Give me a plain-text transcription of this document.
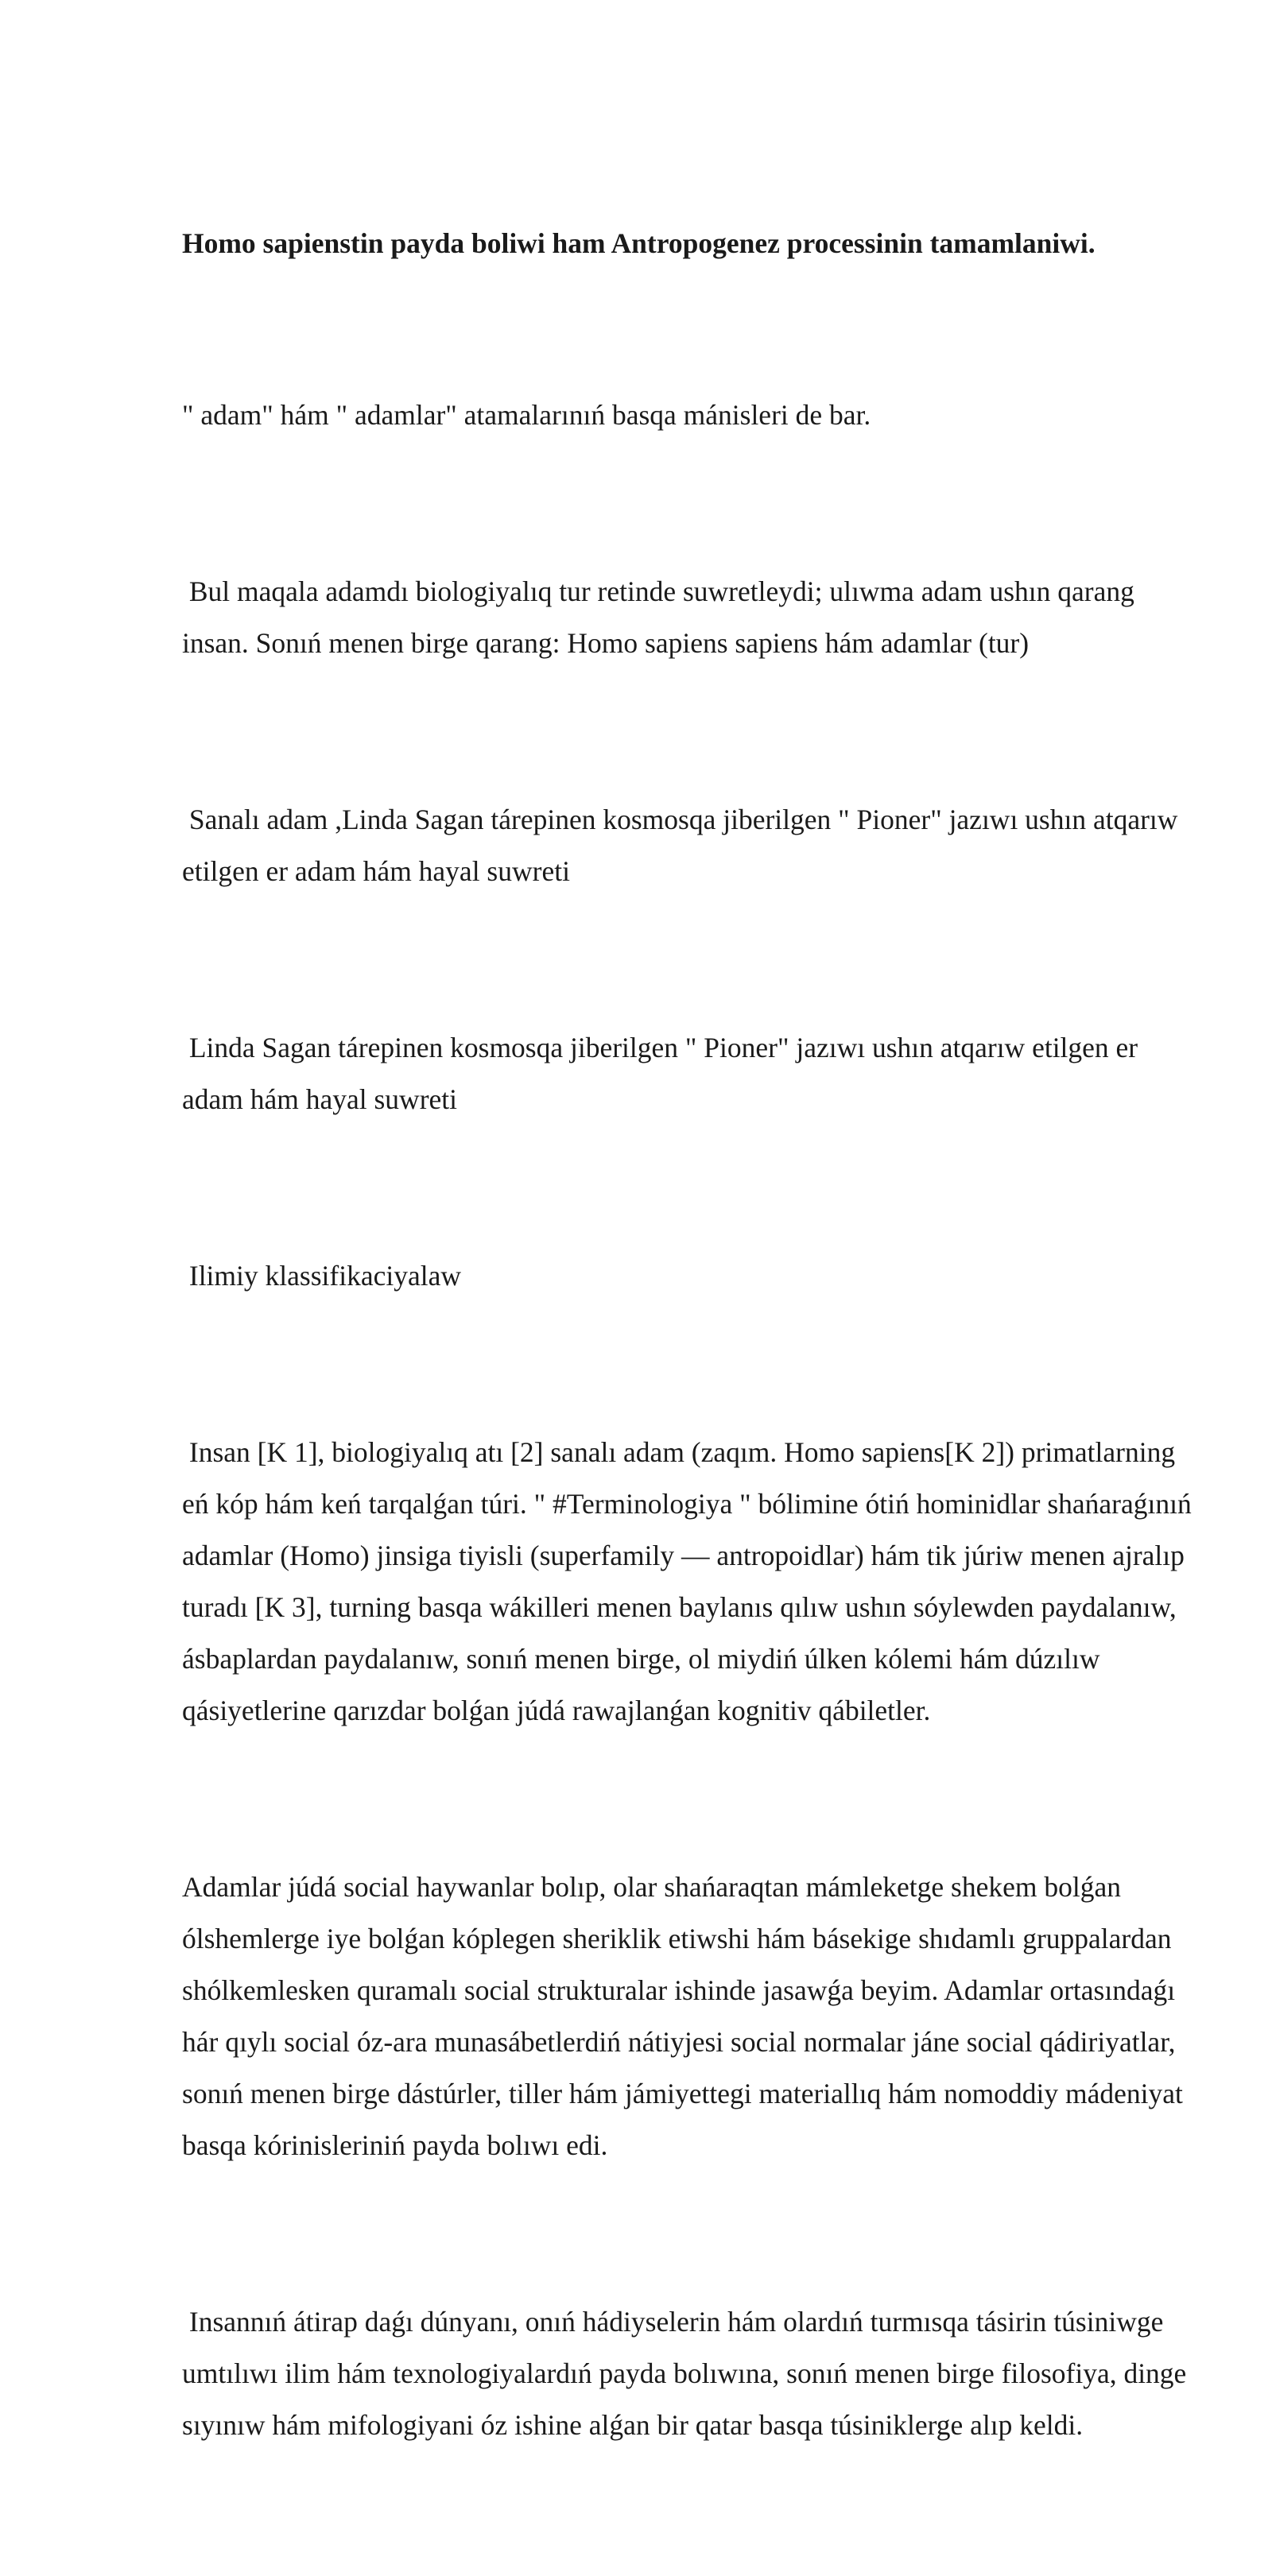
Homo sapienstin payda boliwi ham Antropogenez processinin tamamlaniwi.

" adam" hám " adamlar" atamalarınıń basqa mánisleri de bar.

Bul maqala adamdı biologiyalıq tur retinde suwretleydi; ulıwma adam ushın qarang insan. Sonıń menen birge qarang: Homo sapiens sapiens hám adamlar (tur)

Sanalı adam ,Linda Sagan tárepinen kosmosqa jiberilgen " Pioner" jazıwı ushın atqarıw etilgen er adam hám hayal suwreti

Linda Sagan tárepinen kosmosqa jiberilgen " Pioner" jazıwı ushın atqarıw etilgen er adam hám hayal suwreti

Ilimiy klassifikaciyalaw

Insan [K 1], biologiyalıq atı [2] sanalı adam (zaqım. Homo sapiens[K 2]) primatlarning eń kóp hám keń tarqalǵan túri. " #Terminologiya " bólimine ótiń hominidlar shańaraǵınıń adamlar (Homo) jinsiga tiyisli (superfamily — antropoidlar) hám tik júriw menen ajralıp turadı [K 3], turning basqa wákilleri menen baylanıs qılıw ushın sóylewden paydalanıw, ásbaplardan paydalanıw, sonıń menen birge, ol miydiń úlken kólemi hám dúzılıw qásiyetlerine qarızdar bolǵan júdá rawajlanǵan kognitiv qábiletler.

Adamlar júdá social haywanlar bolıp, olar shańaraqtan mámleketge shekem bolǵan ólshemlerge iye bolǵan kóplegen sheriklik etiwshi hám básekige shıdamlı gruppalardan shólkemlesken quramalı social strukturalar ishinde jasawǵa beyim. Adamlar ortasındaǵı hár qıylı social óz-ara munasábetlerdiń nátiyjesi social normalar jáne social qádiriyatlar, sonıń menen birge dástúrler, tiller hám jámiyettegi materiallıq hám nomoddiy mádeniyat basqa kórinisleriniń payda bolıwı edi.

Insannıń átirap daǵı dúnyanı, onıń hádiyselerin hám olardıń turmısqa tásirin túsiniwge umtılıwı ilim hám texnologiyalardıń payda bolıwına, sonıń menen birge filosofiya, dinge sıyınıw hám mifologiyani óz ishine alǵan bir qatar basqa túsiniklerge alıp keldi.
